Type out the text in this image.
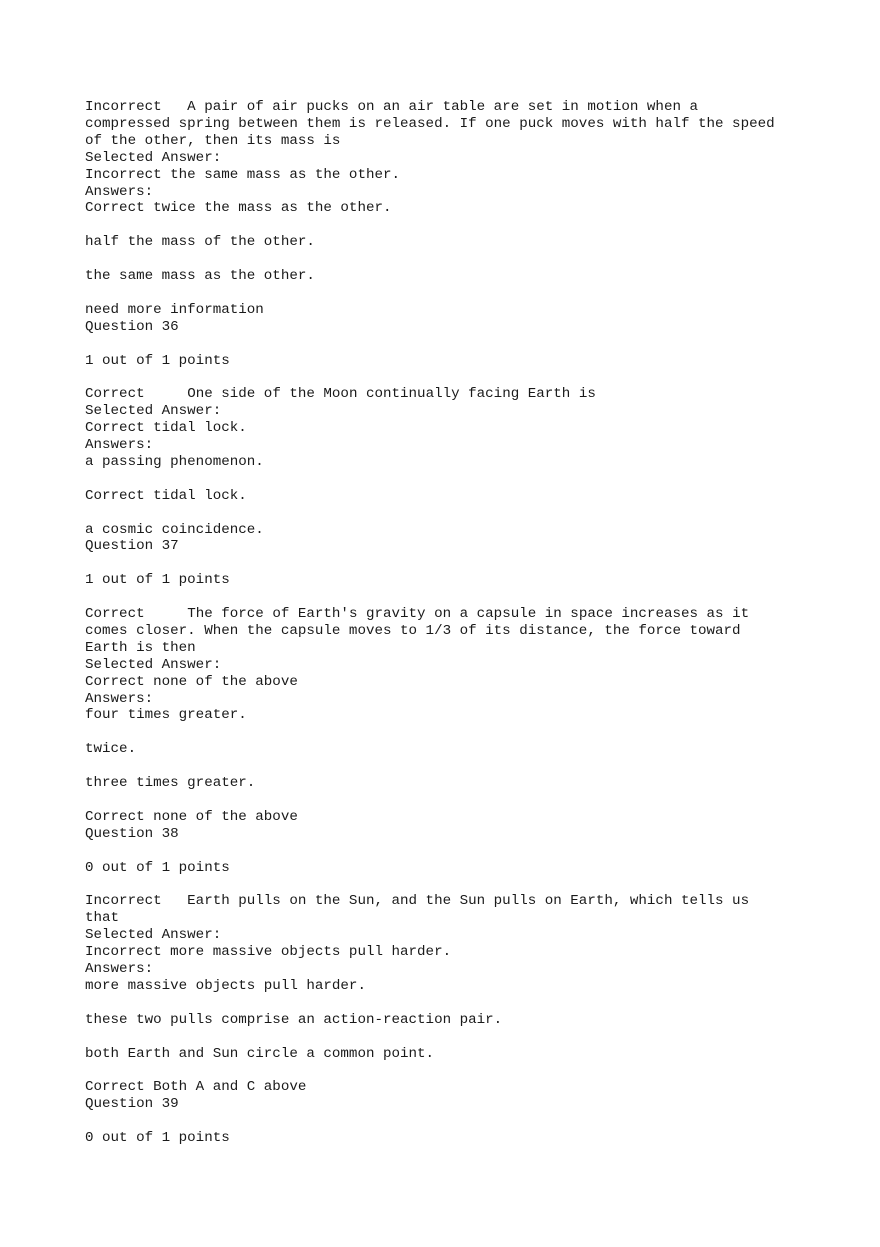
Incorrect A pair of air pucks on an air table are set in motion when a compressed spring between them is released. If one puck moves with half the speed of the other, then its mass is
Selected Answer:
Incorrect the same mass as the other.
Answers:
Correct twice the mass as the other.
half the mass of the other.
the same mass as the other.
need more information
Question 36
1 out of 1 points
Correct	One side of the Moon continually facing Earth is
Selected Answer:
Correct tidal lock.
Answers:
a passing phenomenon.
Correct tidal lock.
a cosmic coincidence.
Question 37
1 out of 1 points
Correct	The force of Earth's gravity on a capsule in space increases as it comes closer. When the capsule moves to 1/3 of its distance, the force toward Earth is then
Selected Answer:
Correct none of the above
Answers:
four times greater.
twice.
three times greater.
Correct none of the above
Question 38
0 out of 1 points
Incorrect Earth pulls on the Sun, and the Sun pulls on Earth, which tells us that
Selected Answer:
Incorrect more massive objects pull harder.
Answers:
more massive objects pull harder.
these two pulls comprise an action-reaction pair.
both Earth and Sun circle a common point.
Correct Both A and C above
Question 39
0 out of 1 points
